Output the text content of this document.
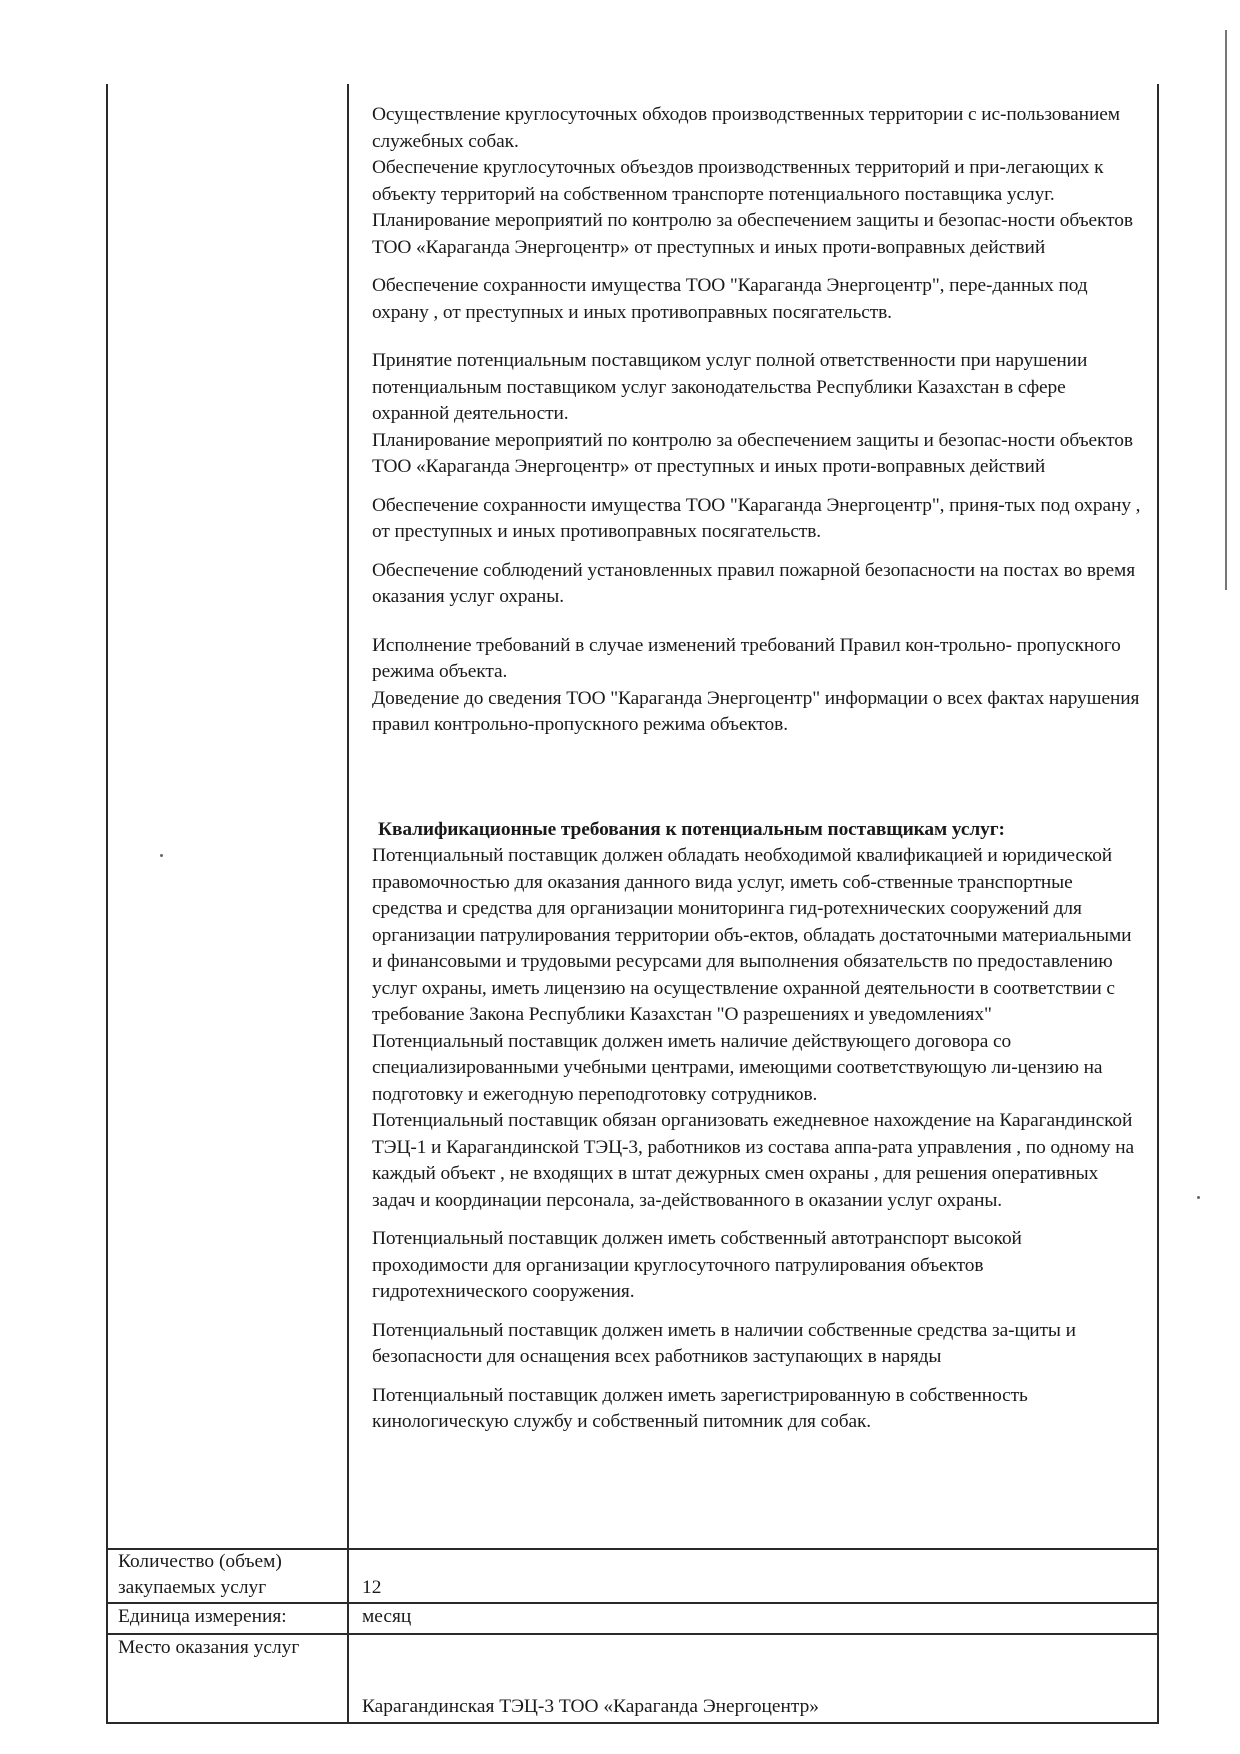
Осуществление круглосуточных обходов производственных территории с ис-пользованием служебных собак.

Обеспечение круглосуточных объездов производственных территорий и при-легающих к объекту территорий на собственном транспорте потенциального поставщика услуг.

Планирование мероприятий по контролю за обеспечением защиты и безопас-ности объектов ТОО «Караганда Энергоцентр» от преступных и иных проти-воправных действий

Обеспечение сохранности имущества ТОО "Караганда Энергоцентр", пере-данных под охрану , от преступных и иных противоправных посягательств.

Принятие потенциальным поставщиком услуг полной ответственности при нарушении потенциальным поставщиком услуг законодательства Республики Казахстан в сфере охранной деятельности.

Планирование мероприятий по контролю за обеспечением защиты и безопас-ности объектов ТОО «Караганда Энергоцентр» от преступных и иных проти-воправных действий

Обеспечение сохранности имущества ТОО "Караганда Энергоцентр", приня-тых под охрану , от преступных и иных противоправных посягательств.

Обеспечение соблюдений установленных правил пожарной безопасности на постах во время оказания услуг охраны.

Исполнение требований в случае изменений требований Правил кон-трольно- пропускного режима объекта.

Доведение до сведения ТОО "Караганда Энергоцентр" информации о всех фактах нарушения правил контрольно-пропускного режима объектов.

Квалификационные требования к потенциальным поставщикам услуг:

Потенциальный поставщик должен обладать необходимой квалификацией и юридической правомочностью для оказания данного вида услуг, иметь соб-ственные транспортные средства и средства для организации мониторинга гид-ротехнических сооружений для организации патрулирования территории объ-ектов, обладать достаточными материальными и финансовыми и трудовыми ресурсами для выполнения обязательств по предоставлению услуг охраны, иметь лицензию на осуществление охранной деятельности в соответствии с требование Закона Республики Казахстан "О разрешениях и уведомлениях"

Потенциальный поставщик должен иметь наличие действующего договора со специализированными учебными центрами, имеющими соответствующую ли-цензию на подготовку и ежегодную переподготовку сотрудников.

Потенциальный поставщик обязан организовать ежедневное нахождение на Карагандинской ТЭЦ-1 и Карагандинской ТЭЦ-3, работников из состава аппа-рата управления , по одному на каждый объект , не входящих в штат дежурных смен охраны , для решения оперативных задач и координации персонала, за-действованного в оказании услуг охраны.

Потенциальный поставщик должен иметь собственный автотранспорт высокой проходимости для организации круглосуточного патрулирования объектов гидротехнического сооружения.

Потенциальный поставщик должен иметь в наличии собственные средства за-щиты и безопасности для оснащения всех работников заступающих в наряды

Потенциальный поставщик должен иметь зарегистрированную в собственность кинологическую службу и собственный питомник для собак.

Количество (объем)
закупаемых услуг	12
Единица измерения:	месяц
Место оказания услуг
Карагандинская ТЭЦ-3 ТОО «Караганда Энергоцентр»
